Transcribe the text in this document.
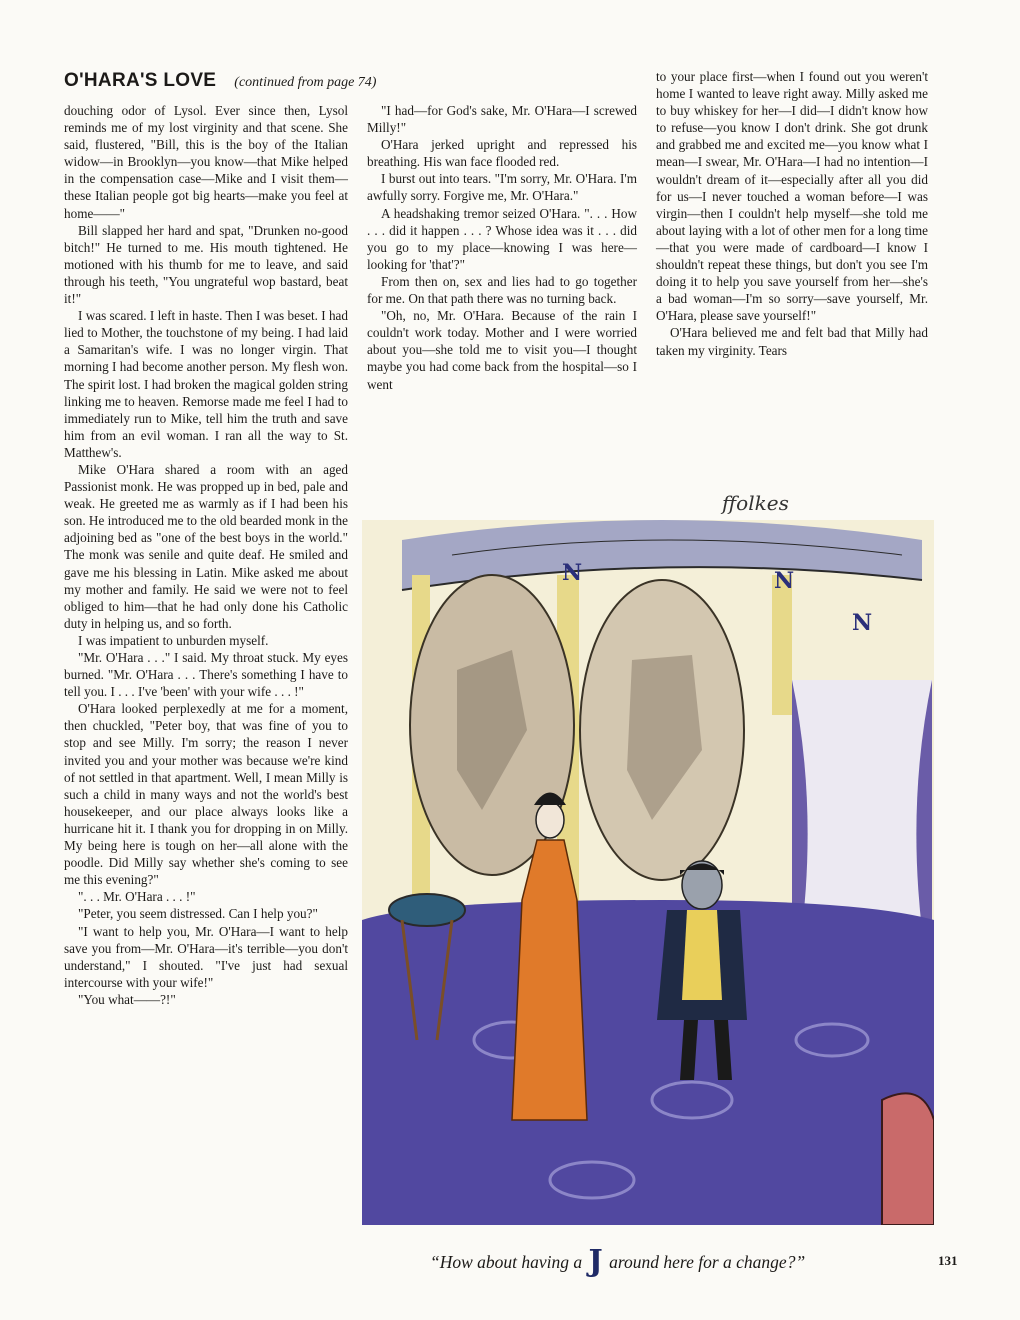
O'HARA'S LOVE (continued from page 74)

douching odor of Lysol. Ever since then, Lysol reminds me of my lost virginity and that scene. She said, flustered, "Bill, this is the boy of the Italian widow—in Brooklyn—you know—that Mike helped in the compensation case—Mike and I visit them—these Italian people got big hearts—make you feel at home——"

Bill slapped her hard and spat, "Drunken no-good bitch!" He turned to me. His mouth tightened. He motioned with his thumb for me to leave, and said through his teeth, "You ungrateful wop bastard, beat it!"

I was scared. I left in haste. Then I was beset. I had lied to Mother, the touchstone of my being. I had laid a Samaritan's wife. I was no longer virgin. That morning I had become another person. My flesh won. The spirit lost. I had broken the magical golden string linking me to heaven. Remorse made me feel I had to immediately run to Mike, tell him the truth and save him from an evil woman. I ran all the way to St. Matthew's.

Mike O'Hara shared a room with an aged Passionist monk. He was propped up in bed, pale and weak. He greeted me as warmly as if I had been his son. He introduced me to the old bearded monk in the adjoining bed as "one of the best boys in the world." The monk was senile and quite deaf. He smiled and gave me his blessing in Latin. Mike asked me about my mother and family. He said we were not to feel obliged to him—that he had only done his Catholic duty in helping us, and so forth.

I was impatient to unburden myself.

"Mr. O'Hara . . ." I said. My throat stuck. My eyes burned. "Mr. O'Hara . . . There's something I have to tell you. I . . . I've 'been' with your wife . . . !"

O'Hara looked perplexedly at me for a moment, then chuckled, "Peter boy, that was fine of you to stop and see Milly. I'm sorry; the reason I never invited you and your mother was because we're kind of not settled in that apartment. Well, I mean Milly is such a child in many ways and not the world's best housekeeper, and our place always looks like a hurricane hit it. I thank you for dropping in on Milly. My being here is tough on her—all alone with the poodle. Did Milly say whether she's coming to see me this evening?"

". . . Mr. O'Hara . . . !"

"Peter, you seem distressed. Can I help you?"

"I want to help you, Mr. O'Hara—I want to help save you from—Mr. O'Hara—it's terrible—you don't understand," I shouted. "I've just had sexual intercourse with your wife!"

"You what——?!"

"I had—for God's sake, Mr. O'Hara—I screwed Milly!"

O'Hara jerked upright and repressed his breathing. His wan face flooded red.

I burst out into tears. "I'm sorry, Mr. O'Hara. I'm awfully sorry. Forgive me, Mr. O'Hara."

A headshaking tremor seized O'Hara. ". . . How . . . did it happen . . . ? Whose idea was it . . . did you go to my place—knowing I was here—looking for 'that'?"

From then on, sex and lies had to go together for me. On that path there was no turning back.

"Oh, no, Mr. O'Hara. Because of the rain I couldn't work today. Mother and I were worried about you—she told me to visit you—I thought maybe you had come back from the hospital—so I went

to your place first—when I found out you weren't home I wanted to leave right away. Milly asked me to buy whiskey for her—I did—I didn't know how to refuse—you know I don't drink. She got drunk and grabbed me and excited me—you know what I mean—I swear, Mr. O'Hara—I had no intention—I wouldn't dream of it—especially after all you did for us—I never touched a woman before—I was virgin—then I couldn't help myself—she told me about laying with a lot of other men for a long time—that you were made of cardboard—I know I shouldn't repeat these things, but don't you see I'm doing it to help you save yourself from her—she's a bad woman—I'm so sorry—save yourself, Mr. O'Hara, please save yourself!"

O'Hara believed me and felt bad that Milly had taken my virginity. Tears

N	N
N
ffolkes
“How about having a J around here for a change?”	131
